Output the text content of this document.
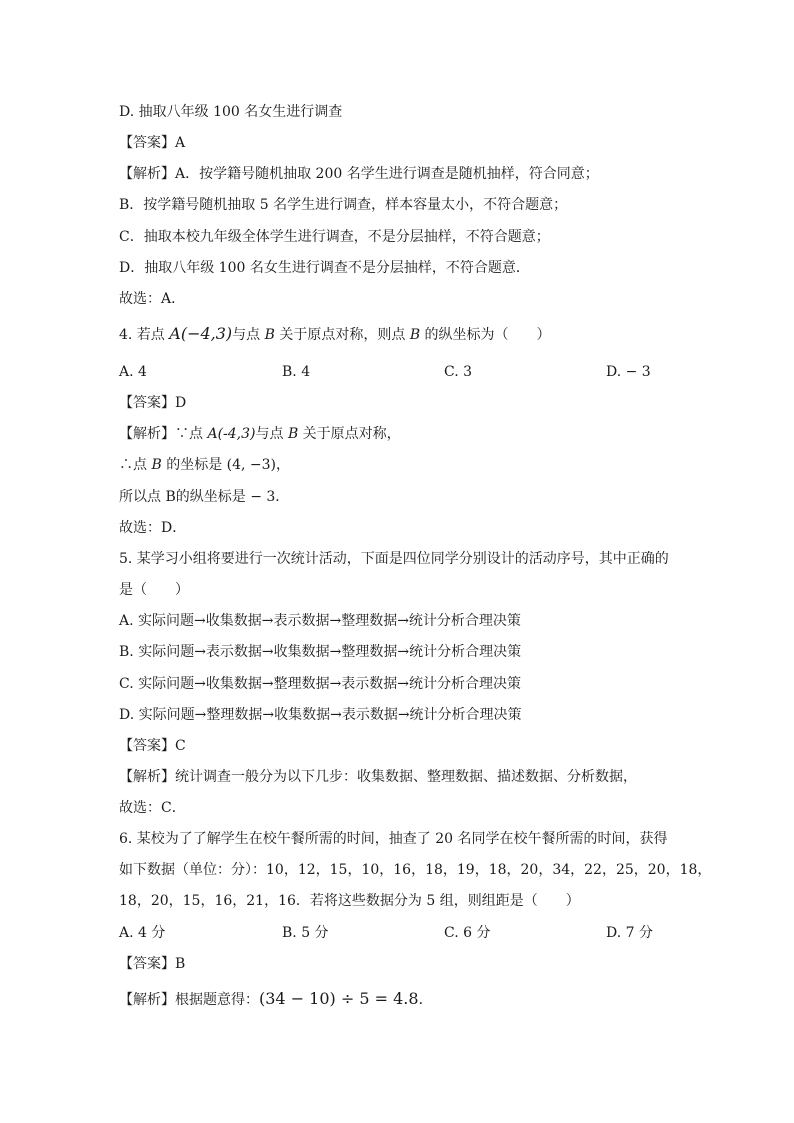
D. 抽取八年级 100 名女生进行调查
【答案】A
【解析】A．按学籍号随机抽取 200 名学生进行调查是随机抽样，符合同意；
B．按学籍号随机抽取 5 名学生进行调查，样本容量太小，不符合题意；
C．抽取本校九年级全体学生进行调查，不是分层抽样，不符合题意；
D．抽取八年级 100 名女生进行调查不是分层抽样，不符合题意．
故选：A．
4. 若点 A(−4,3)与点 B 关于原点对称，则点 B 的纵坐标为（　　）
A. 4	B. 4	C. 3	D. − 3
【答案】D
【解析】∵点 A(-4,3)与点 B 关于原点对称，
∴点 B 的坐标是 (4, −3)，
所以点 B的纵坐标是 − 3．
故选：D．
5. 某学习小组将要进行一次统计活动，下面是四位同学分别设计的活动序号，其中正确的
是（　　）
A. 实际问题→收集数据→表示数据→整理数据→统计分析合理决策
B. 实际问题→表示数据→收集数据→整理数据→统计分析合理决策
C. 实际问题→收集数据→整理数据→表示数据→统计分析合理决策
D. 实际问题→整理数据→收集数据→表示数据→统计分析合理决策
【答案】C
【解析】统计调查一般分为以下几步：收集数据、整理数据、描述数据、分析数据，
故选：C．
6. 某校为了了解学生在校午餐所需的时间，抽查了 20 名同学在校午餐所需的时间，获得
如下数据（单位：分）：10，12，15，10，16，18，19，18，20，34，22，25，20，18，
18，20，15，16，21，16．若将这些数据分为 5 组，则组距是（　　）
A. 4 分	B. 5 分	C. 6 分	D. 7 分
【答案】B
【解析】根据题意得：(34 − 10) ÷ 5 = 4.8．
